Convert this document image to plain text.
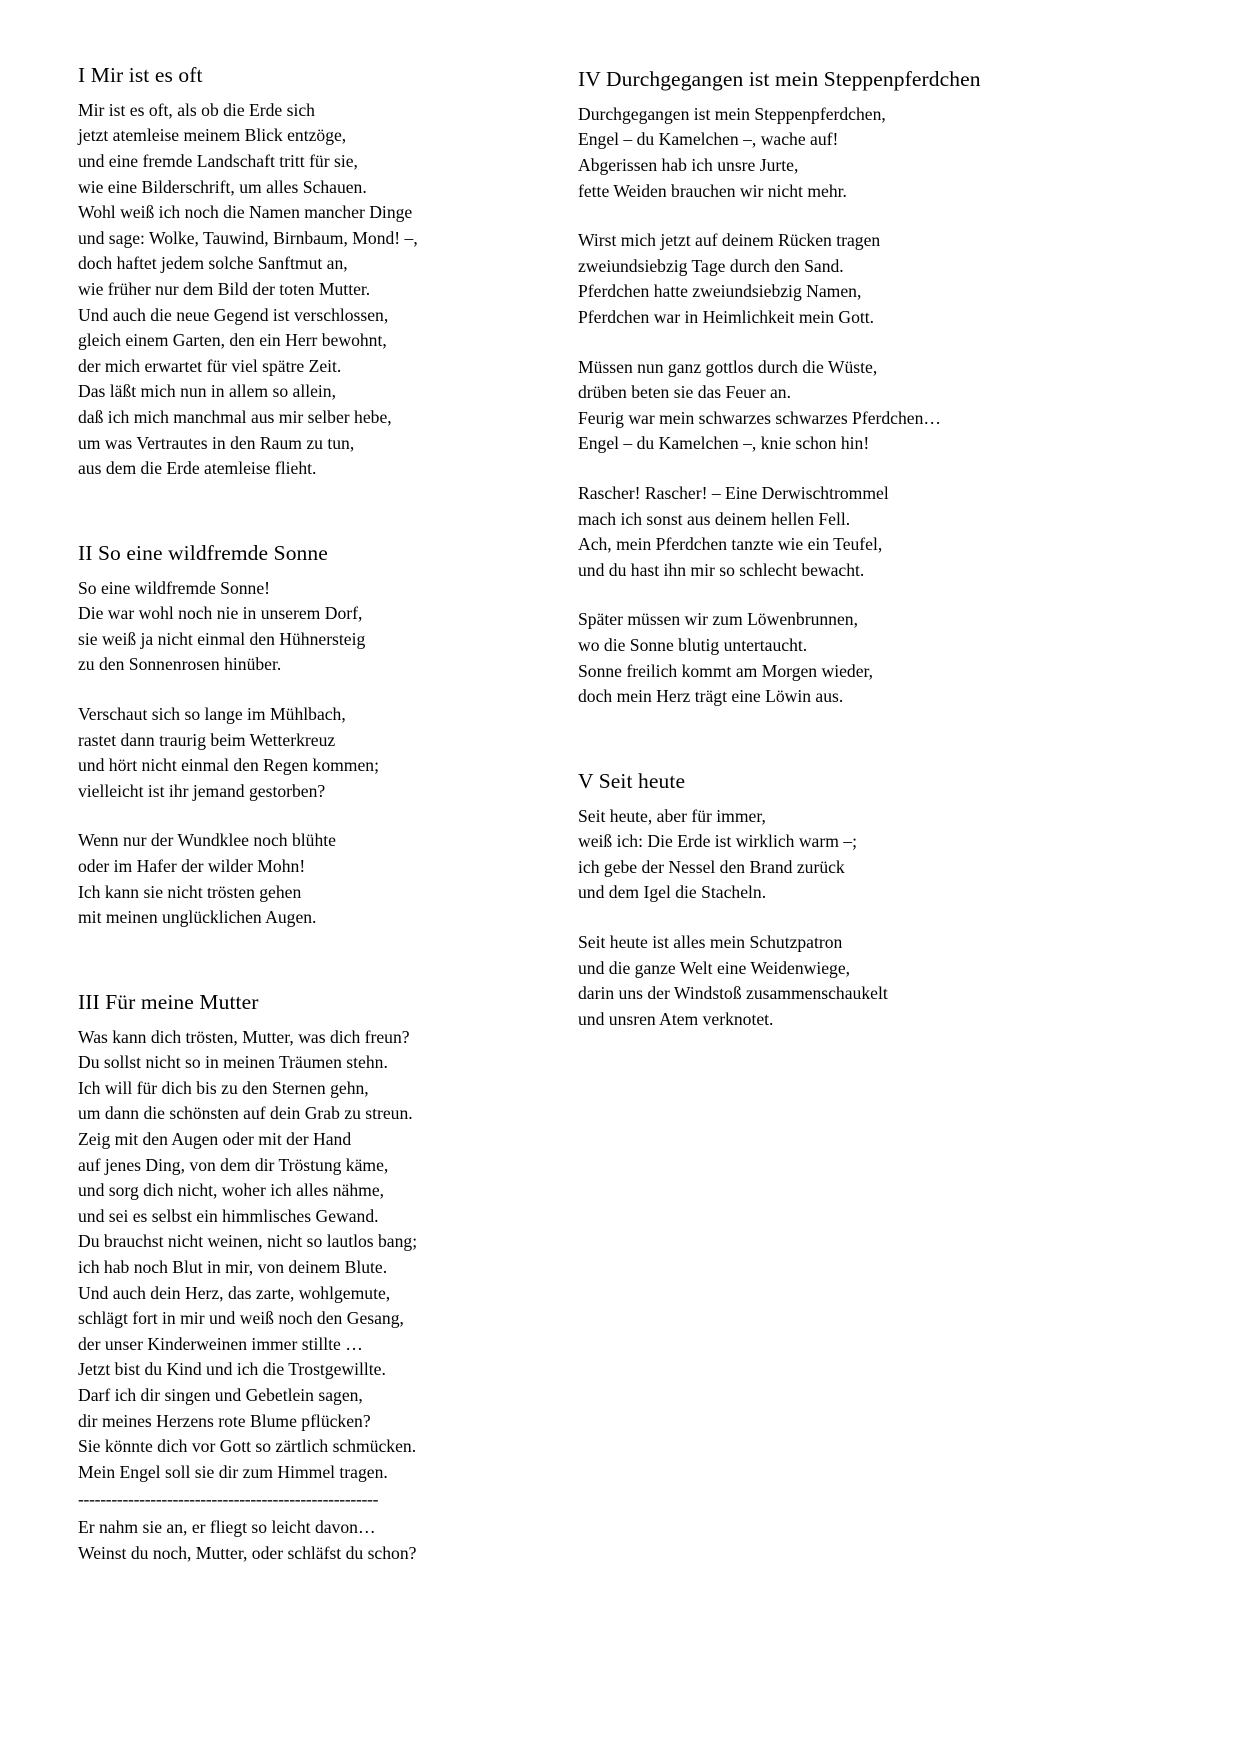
I Mir ist es oft
Mir ist es oft, als ob die Erde sich
jetzt atemleise meinem Blick entzöge,
und eine fremde Landschaft tritt für sie,
wie eine Bilderschrift, um alles Schauen.
Wohl weiß ich noch die Namen mancher Dinge
und sage: Wolke, Tauwind, Birnbaum, Mond! –,
doch haftet jedem solche Sanftmut an,
wie früher nur dem Bild der toten Mutter.
Und auch die neue Gegend ist verschlossen,
gleich einem Garten, den ein Herr bewohnt,
der mich erwartet für viel spätre Zeit.
Das läßt mich nun in allem so allein,
daß ich mich manchmal aus mir selber hebe,
um was Vertrautes in den Raum zu tun,
aus dem die Erde atemleise flieht.
II So eine wildfremde Sonne
So eine wildfremde Sonne!
Die war wohl noch nie in unserem Dorf,
sie weiß ja nicht einmal den Hühnersteig
zu den Sonnenrosen hinüber.
Verschaut sich so lange im Mühlbach,
rastet dann traurig beim Wetterkreuz
und hört nicht einmal den Regen kommen;
vielleicht ist ihr jemand gestorben?
Wenn nur der Wundklee noch blühte
oder im Hafer der wilder Mohn!
Ich kann sie nicht trösten gehen
mit meinen unglücklichen Augen.
III Für meine Mutter
Was kann dich trösten, Mutter, was dich freun?
Du sollst nicht so in meinen Träumen stehn.
Ich will für dich bis zu den Sternen gehn,
um dann die schönsten auf dein Grab zu streun.
Zeig mit den Augen oder mit der Hand
auf jenes Ding, von dem dir Tröstung käme,
und sorg dich nicht, woher ich alles nähme,
und sei es selbst ein himmlisches Gewand.
Du brauchst nicht weinen, nicht so lautlos bang;
ich hab noch Blut in mir, von deinem Blute.
Und auch dein Herz, das zarte, wohlgemute,
schlägt fort in mir und weiß noch den Gesang,
der unser Kinderweinen immer stillte …
Jetzt bist du Kind und ich die Trostgewillte.
Darf ich dir singen und Gebetlein sagen,
dir meines Herzens rote Blume pflücken?
Sie könnte dich vor Gott so zärtlich schmücken.
Mein Engel soll sie dir zum Himmel tragen.
------------------------------------------------------
Er nahm sie an, er fliegt so leicht davon…
Weinst du noch, Mutter, oder schläfst du schon?
IV Durchgegangen ist mein Steppenpferdchen
Durchgegangen ist mein Steppenpferdchen,
Engel – du Kamelchen –, wache auf!
Abgerissen hab ich unsre Jurte,
fette Weiden brauchen wir nicht mehr.
Wirst mich jetzt auf deinem Rücken tragen
zweiundsiebzig Tage durch den Sand.
Pferdchen hatte zweiundsiebzig Namen,
Pferdchen war in Heimlichkeit mein Gott.
Müssen nun ganz gottlos durch die Wüste,
drüben beten sie das Feuer an.
Feurig war mein schwarzes schwarzes Pferdchen…
Engel – du Kamelchen –, knie schon hin!
Rascher! Rascher! – Eine Derwischtrommel
mach ich sonst aus deinem hellen Fell.
Ach, mein Pferdchen tanzte wie ein Teufel,
und du hast ihn mir so schlecht bewacht.
Später müssen wir zum Löwenbrunnen,
wo die Sonne blutig untertaucht.
Sonne freilich kommt am Morgen wieder,
doch mein Herz trägt eine Löwin aus.
V Seit heute
Seit heute, aber für immer,
weiß ich: Die Erde ist wirklich warm –;
ich gebe der Nessel den Brand zurück
und dem Igel die Stacheln.
Seit heute ist alles mein Schutzpatron
und die ganze Welt eine Weidenwiege,
darin uns der Windstoß zusammenschaukelt
und unsren Atem verknotet.
